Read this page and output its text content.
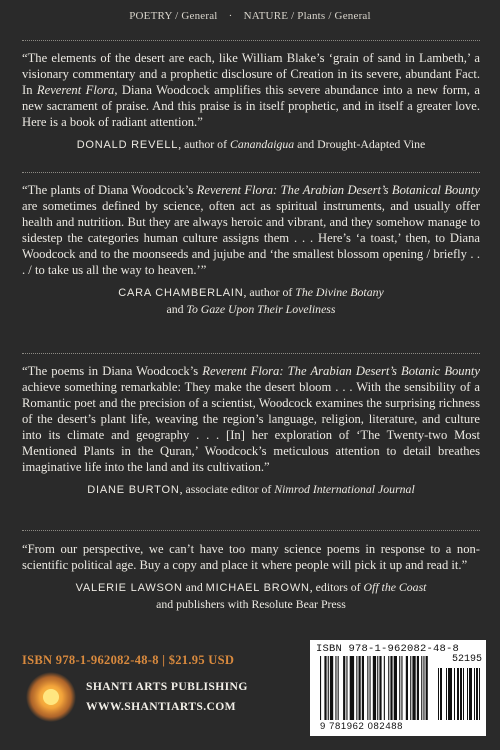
POETRY / General · NATURE / Plants / General

“The elements of the desert are each, like William Blake’s ‘grain of sand in Lambeth,’ a visionary commentary and a prophetic disclosure of Creation in its severe, abundant Fact. In Reverent Flora, Diana Woodcock amplifies this severe abundance into a new form, a new sacrament of praise. And this praise is in itself prophetic, and in itself a greater love. Here is a book of radiant attention.”

DONALD REVELL, author of Canandaigua and Drought-Adapted Vine

“The plants of Diana Woodcock’s Reverent Flora: The Arabian Desert’s Botanical Bounty are sometimes defined by science, often act as spiritual instruments, and usually offer health and nutrition. But they are always heroic and vibrant, and they somehow manage to sidestep the categories human culture assigns them . . . Here’s ‘a toast,’ then, to Diana Woodcock and to the moonseeds and jujube and ‘the smallest blossom opening / briefly . . . / to take us all the way to heaven.’”

CARA CHAMBERLAIN, author of The Divine Botany
and To Gaze Upon Their Loveliness

“The poems in Diana Woodcock’s Reverent Flora: The Arabian Desert’s Botanic Bounty achieve something remarkable: They make the desert bloom . . . With the sensibility of a Romantic poet and the precision of a scientist, Woodcock examines the surprising richness of the desert’s plant life, weaving the region’s language, religion, literature, and culture into its climate and geography . . . [In] her exploration of ‘The Twenty-two Most Mentioned Plants in the Quran,’ Woodcock’s meticulous attention to detail breathes imaginative life into the land and its cultivation.”

DIANE BURTON, associate editor of Nimrod International Journal

“From our perspective, we can’t have too many science poems in response to a non-scientific political age. Buy a copy and place it where people will pick it up and read it.”

VALERIE LAWSON and MICHAEL BROWN, editors of Off the Coast
and publishers with Resolute Bear Press
ISBN 978-1-962082-48-8 | $21.95 USD
SHANTI ARTS PUBLISHING
WWW.SHANTIARTS.COM
ISBN 978-1-962082-48-8
52195
9 781962 082488
